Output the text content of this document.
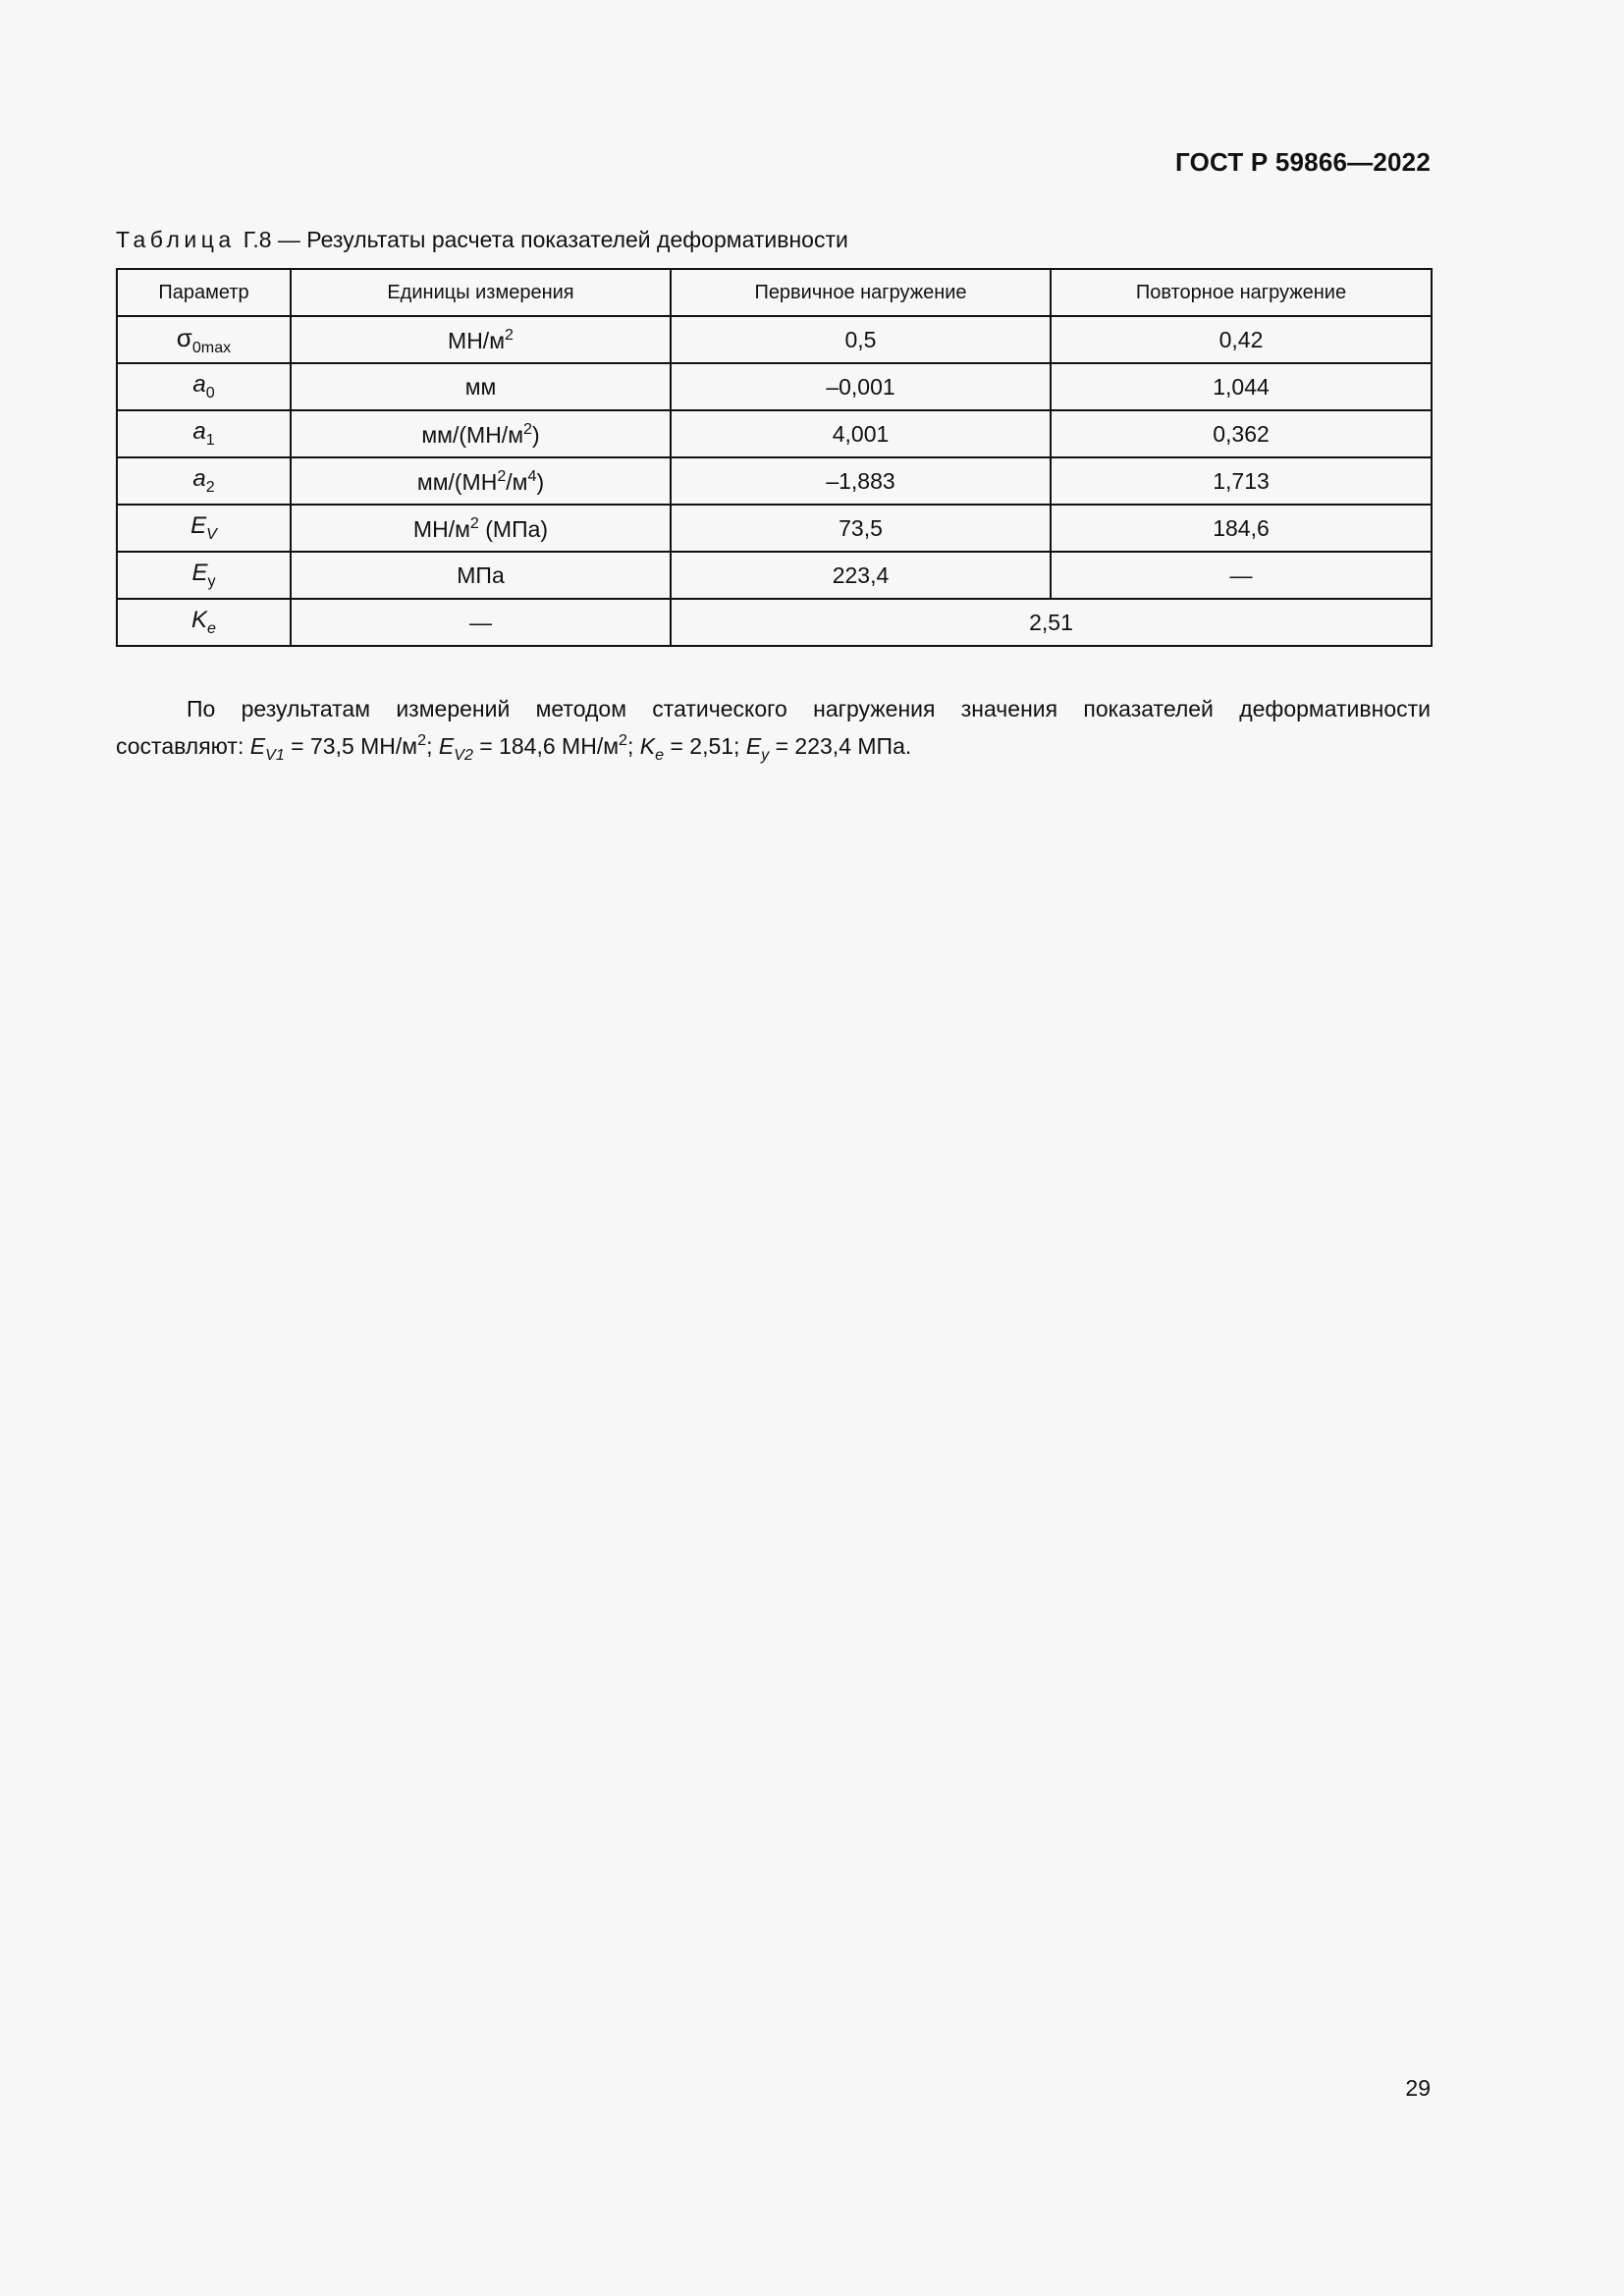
ГОСТ Р 59866—2022
Таблица Г.8 — Результаты расчета показателей деформативности
Параметр	Единицы измерения	Первичное нагружение	Повторное нагружение
$\sigma_{0max}$	$МН/м^2$	0,5	0,42
$a_0$	мм	–0,001	1,044
$a_1$	$мм/(МН/м^2)$	4,001	0,362
$a_2$	$мм/(МН^2/м^4)$	–1,883	1,713
$E_V$	$МН/м^2$ (МПа)	73,5	184,6
$E_y$	МПа	223,4	—
$K_e$	—	2,51	
По результатам измерений методом статического нагружения значения показателей деформативности
составляют: $E_{V1} = 73,5$ $МН/м^2$; $E_{V2} = 184,6$ $МН/м^2$; $K_e = 2,51$; $E_y = 223,4$ МПа.
29
